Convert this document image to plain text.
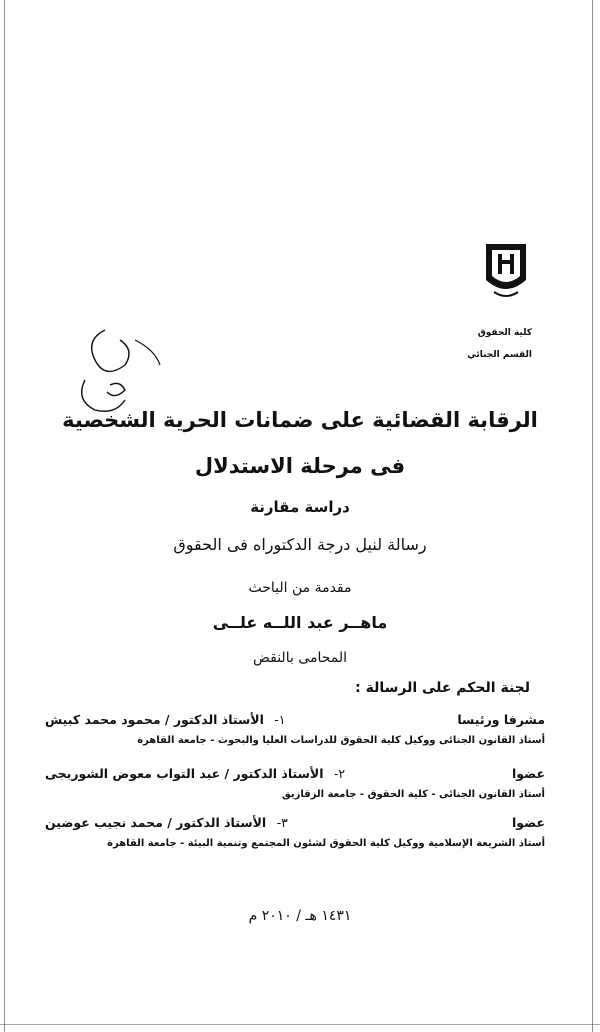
كلية الحقوق
القسم الجنائي
الرقابة القضائية على ضمانات الحرية الشخصية
فى مرحلة الاستدلال
دراسة مقارنة
رسالة لنيل درجة الدكتوراه فى الحقوق
مقدمة من الباحث
ماهــر عبد اللــه علــى
المحامى بالنقض
لجنة الحكم على الرسالة :
١- الأستاذ الدكتور / محمود محمد كبيش	مشرفا ورئيسا
أستاذ القانون الجنائى ووكيل كلية الحقوق للدراسات العليا والبحوث - جامعة القاهرة
٢- الأستاذ الدكتور / عبد التواب معوض الشوربجى	عضوا
أستاذ القانون الجنائى - كلية الحقوق - جامعة الزقازيق
٣- الأستاذ الدكتور / محمد نجيب عوضين	عضوا
أستاذ الشريعة الإسلامية ووكيل كلية الحقوق لشئون المجتمع وتنمية البيئة - جامعة القاهرة
١٤٣١ هـ / ٢٠١٠ م
